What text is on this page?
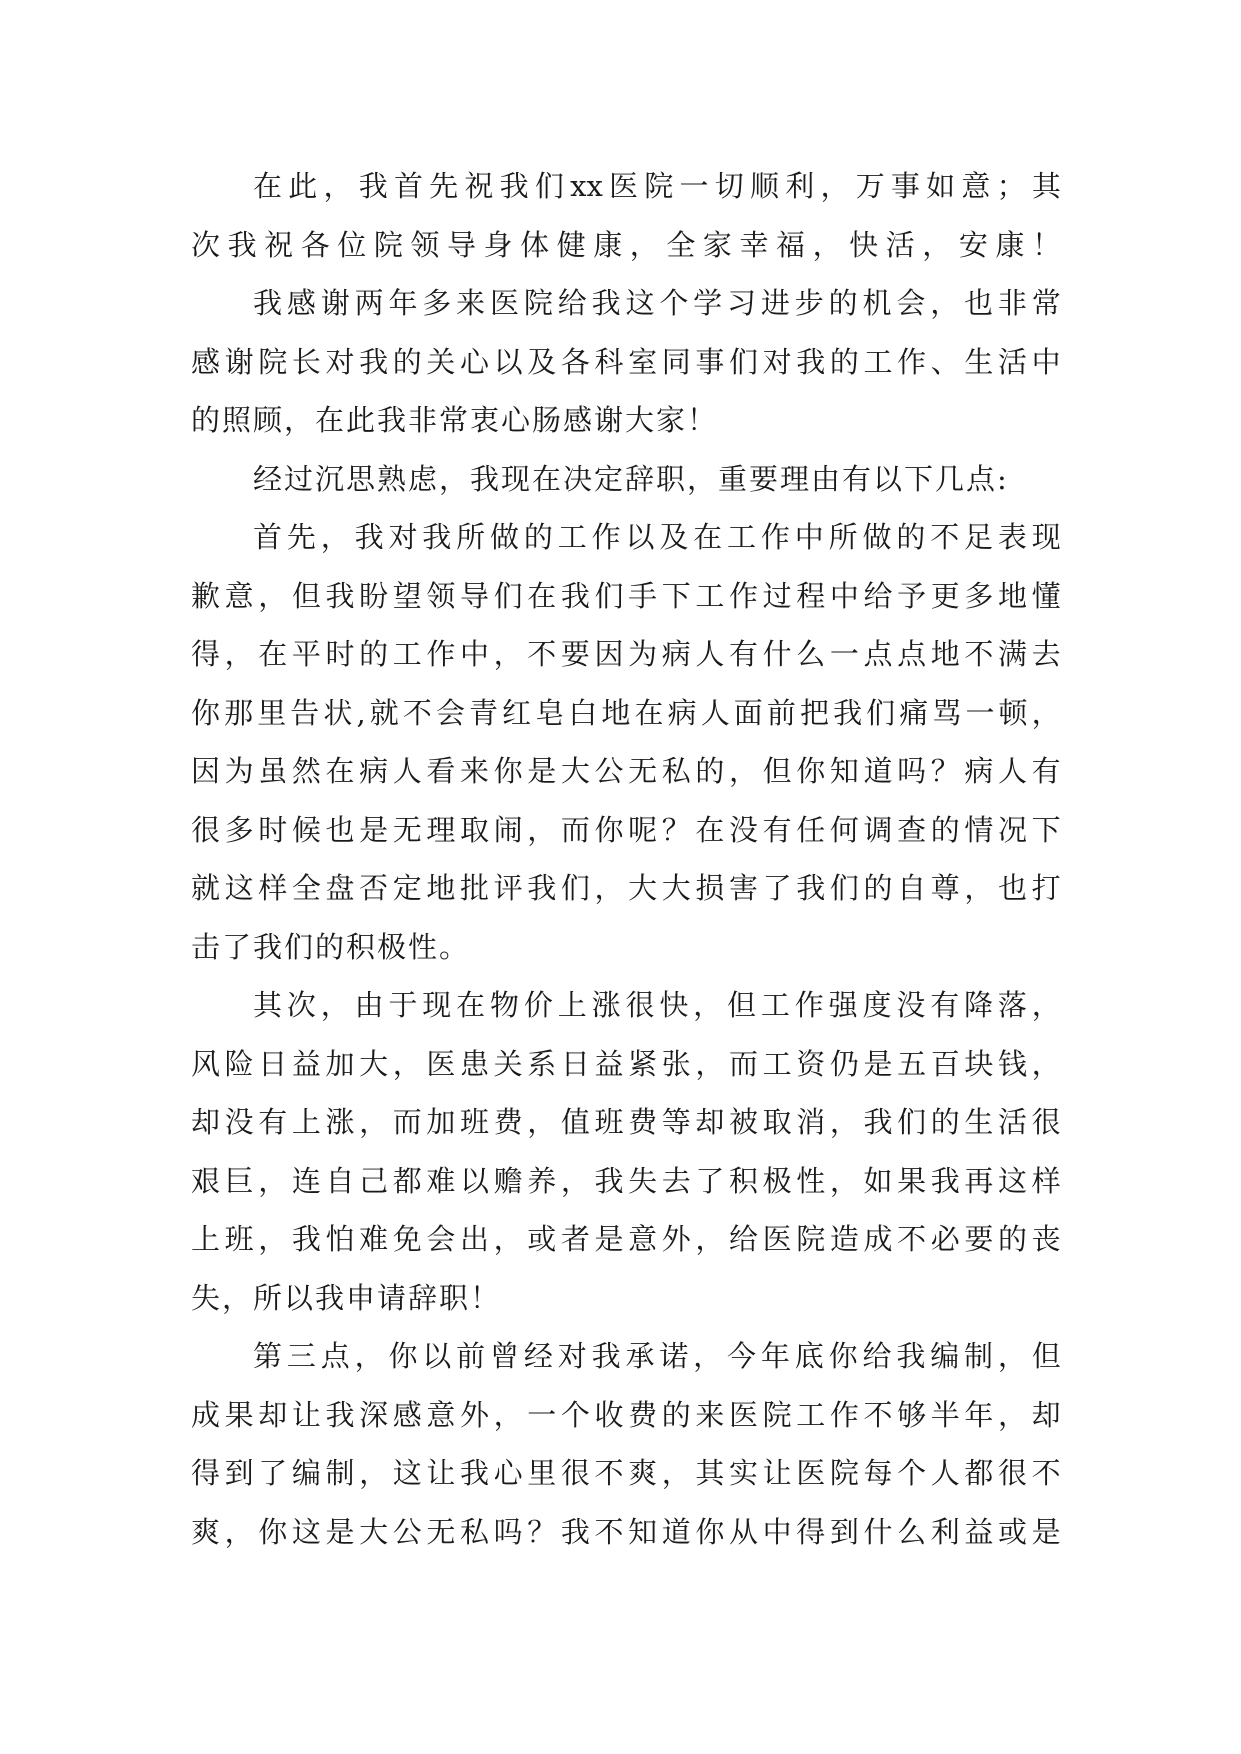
在 此 ， 我 首 先 祝 我 们 xx 医 院 一 切 顺 利 ， 万 事 如 意 ； 其
次 我 祝 各 位 院 领 导 身 体 健 康 ， 全 家 幸 福 ， 快 活 ， 安 康 ！
我 感 谢 两 年 多 来 医 院 给 我 这 个 学 习 进 步 的 机 会 ， 也 非 常
感 谢 院 长 对 我 的 关 心 以 及 各 科 室 同 事 们 对 我 的 工 作 、 生 活 中
的照顾，在此我非常衷心肠感谢大家！
经过沉思熟虑，我现在决定辞职，重要理由有以下几点:
首 先 ， 我 对 我 所 做 的 工 作 以 及 在 工 作 中 所 做 的 不 足 表 现
歉 意 ， 但 我 盼 望 领 导 们 在 我 们 手 下 工 作 过 程 中 给 予 更 多 地 懂
得 ， 在 平 时 的 工 作 中 ， 不 要 因 为 病 人 有 什 么 一 点 点 地 不 满 去
你 那 里 告 状 , 就 不 会 青 红 皂 白 地 在 病 人 面 前 把 我 们 痛 骂 一 顿 ，
因 为 虽 然 在 病 人 看 来 你 是 大 公 无 私 的 ， 但 你 知 道 吗 ？ 病 人 有
很 多 时 候 也 是 无 理 取 闹 ， 而 你 呢 ？ 在 没 有 任 何 调 查 的 情 况 下
就 这 样 全 盘 否 定 地 批 评 我 们 ， 大 大 损 害 了 我 们 的 自 尊 ， 也 打
击了我们的积极性。
其 次 ， 由 于 现 在 物 价 上 涨 很 快 ， 但 工 作 强 度 没 有 降 落 ，
风 险 日 益 加 大 ， 医 患 关 系 日 益 紧 张 ， 而 工 资 仍 是 五 百 块 钱 ，
却 没 有 上 涨 ， 而 加 班 费 ， 值 班 费 等 却 被 取 消 ， 我 们 的 生 活 很
艰 巨 ， 连 自 己 都 难 以 赡 养 ， 我 失 去 了 积 极 性 ， 如 果 我 再 这 样
上 班 ， 我 怕 难 免 会 出 ， 或 者 是 意 外 ， 给 医 院 造 成 不 必 要 的 丧
失，所以我申请辞职！
第 三 点 ， 你 以 前 曾 经 对 我 承 诺 ， 今 年 底 你 给 我 编 制 ， 但
成 果 却 让 我 深 感 意 外 ， 一 个 收 费 的 来 医 院 工 作 不 够 半 年 ， 却
得 到 了 编 制 ， 这 让 我 心 里 很 不 爽 ， 其 实 让 医 院 每 个 人 都 很 不
爽 ， 你 这 是 大 公 无 私 吗 ？ 我 不 知 道 你 从 中 得 到 什 么 利 益 或 是
